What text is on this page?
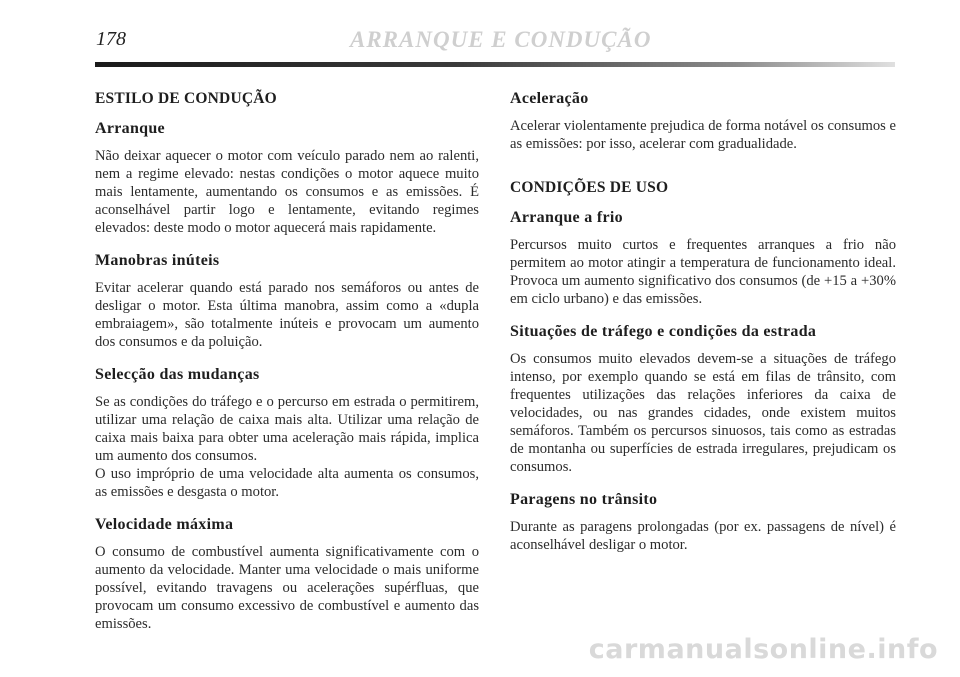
178	ARRANQUE E CONDUÇÃO
ESTILO DE CONDUÇÃO
Arranque

Não deixar aquecer o motor com veículo parado nem ao ralenti, nem a regime elevado: nestas condições o motor aquece muito mais lentamente, aumentando os consumos e as emissões. É aconselhável partir logo e lentamente, evitando regimes elevados: deste modo o motor aquecerá mais rapidamente.

Manobras inúteis

Evitar acelerar quando está parado nos semáforos ou antes de desligar o motor. Esta última manobra, assim como a «dupla embraiagem», são totalmente inúteis e provocam um aumento dos consumos e da poluição.

Selecção das mudanças

Se as condições do tráfego e o percurso em estrada o permitirem, utilizar uma relação de caixa mais alta. Utilizar uma relação de caixa mais baixa para obter uma aceleração mais rápida, implica um aumento dos consumos.

O uso impróprio de uma velocidade alta aumenta os consumos, as emissões e desgasta o motor.

Velocidade máxima

O consumo de combustível aumenta significativamente com o aumento da velocidade. Manter uma velocidade o mais uniforme possível, evitando travagens ou acelerações supérfluas, que provocam um consumo excessivo de combustível e aumento das emissões.

Aceleração

Acelerar violentamente prejudica de forma notável os consumos e as emissões: por isso, acelerar com gradualidade.

CONDIÇÕES DE USO
Arranque a frio

Percursos muito curtos e frequentes arranques a frio não permitem ao motor atingir a temperatura de funcionamento ideal. Provoca um aumento significativo dos consumos (de +15 a +30% em ciclo urbano) e das emissões.

Situações de tráfego e condições da estrada

Os consumos muito elevados devem-se a situações de tráfego intenso, por exemplo quando se está em filas de trânsito, com frequentes utilizações das relações inferiores da caixa de velocidades, ou nas grandes cidades, onde existem muitos semáforos. Também os percursos sinuosos, tais como as estradas de montanha ou superfícies de estrada irregulares, prejudicam os consumos.

Paragens no trânsito

Durante as paragens prolongadas (por ex. passagens de nível) é aconselhável desligar o motor.

carmanualsonline.info
